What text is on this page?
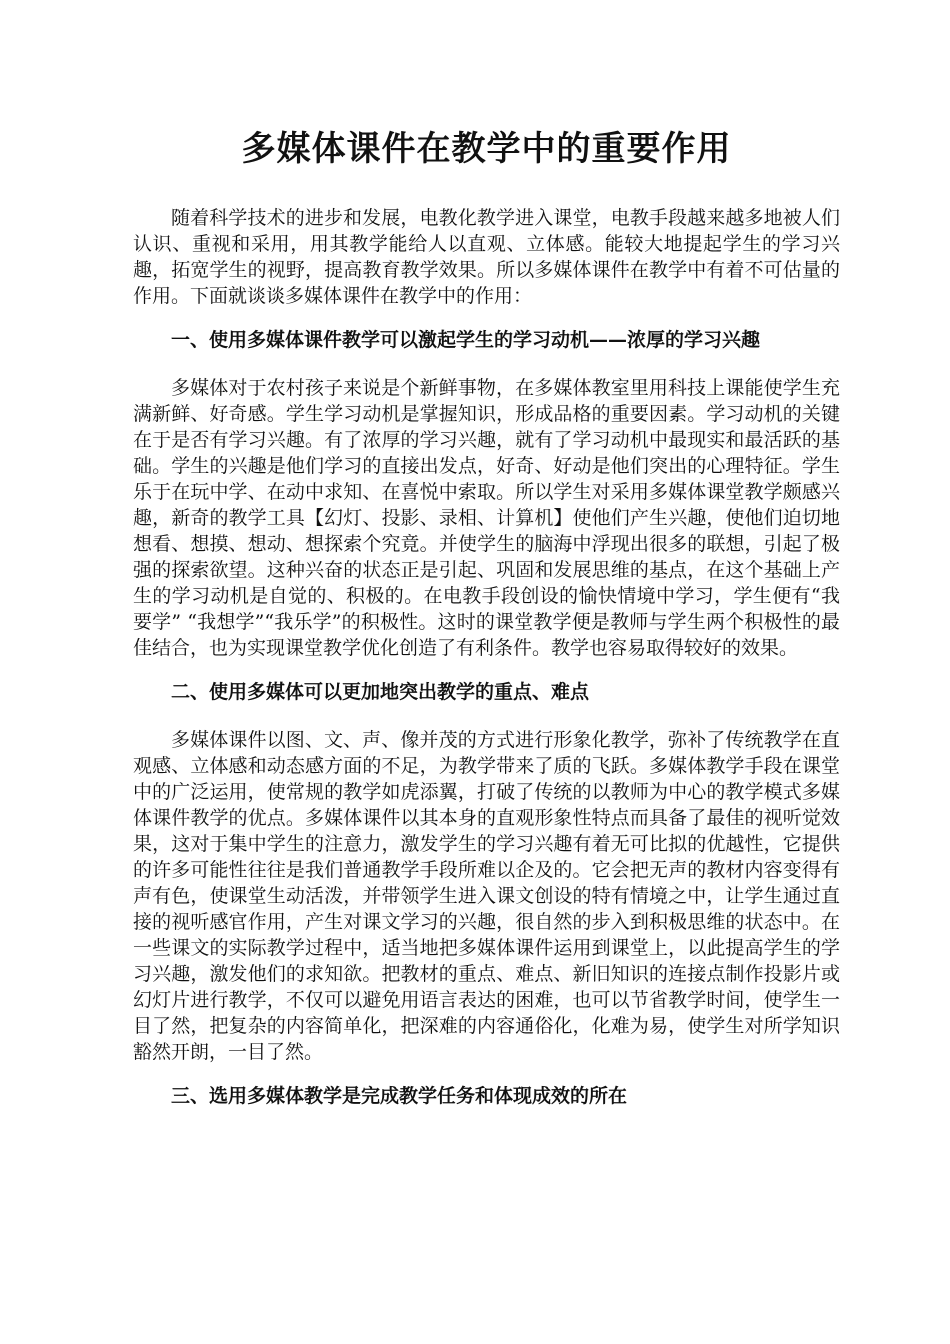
多媒体课件在教学中的重要作用

随着科学技术的进步和发展，电教化教学进入课堂，电教手段越来越多地被人们认识、重视和采用，用其教学能给人以直观、立体感。能较大地提起学生的学习兴趣，拓宽学生的视野，提高教育教学效果。所以多媒体课件在教学中有着不可估量的作用。下面就谈谈多媒体课件在教学中的作用：

一、使用多媒体课件教学可以激起学生的学习动机——浓厚的学习兴趣

多媒体对于农村孩子来说是个新鲜事物，在多媒体教室里用科技上课能使学生充满新鲜、好奇感。学生学习动机是掌握知识，形成品格的重要因素。学习动机的关键在于是否有学习兴趣。有了浓厚的学习兴趣，就有了学习动机中最现实和最活跃的基础。学生的兴趣是他们学习的直接出发点，好奇、好动是他们突出的心理特征。学生乐于在玩中学、在动中求知、在喜悦中索取。所以学生对采用多媒体课堂教学颇感兴趣，新奇的教学工具【幻灯、投影、录相、计算机】使他们产生兴趣，使他们迫切地想看、想摸、想动、想探索个究竟。并使学生的脑海中浮现出很多的联想，引起了极强的探索欲望。这种兴奋的状态正是引起、巩固和发展思维的基点，在这个基础上产生的学习动机是自觉的、积极的。在电教手段创设的愉快情境中学习，学生便有“我要学” “我想学”“我乐学”的积极性。这时的课堂教学便是教师与学生两个积极性的最佳结合，也为实现课堂教学优化创造了有利条件。教学也容易取得较好的效果。

二、使用多媒体可以更加地突出教学的重点、难点

多媒体课件以图、文、声、像并茂的方式进行形象化教学，弥补了传统教学在直观感、立体感和动态感方面的不足，为教学带来了质的飞跃。多媒体教学手段在课堂中的广泛运用，使常规的教学如虎添翼，打破了传统的以教师为中心的教学模式多媒体课件教学的优点。多媒体课件以其本身的直观形象性特点而具备了最佳的视听觉效果，这对于集中学生的注意力，激发学生的学习兴趣有着无可比拟的优越性，它提供的许多可能性往往是我们普通教学手段所难以企及的。它会把无声的教材内容变得有声有色，使课堂生动活泼，并带领学生进入课文创设的特有情境之中，让学生通过直接的视听感官作用，产生对课文学习的兴趣，很自然的步入到积极思维的状态中。在一些课文的实际教学过程中，适当地把多媒体课件运用到课堂上，以此提高学生的学习兴趣，激发他们的求知欲。把教材的重点、难点、新旧知识的连接点制作投影片或幻灯片进行教学，不仅可以避免用语言表达的困难，也可以节省教学时间，使学生一目了然，把复杂的内容简单化，把深难的内容通俗化，化难为易，使学生对所学知识豁然开朗，一目了然。

三、选用多媒体教学是完成教学任务和体现成效的所在
